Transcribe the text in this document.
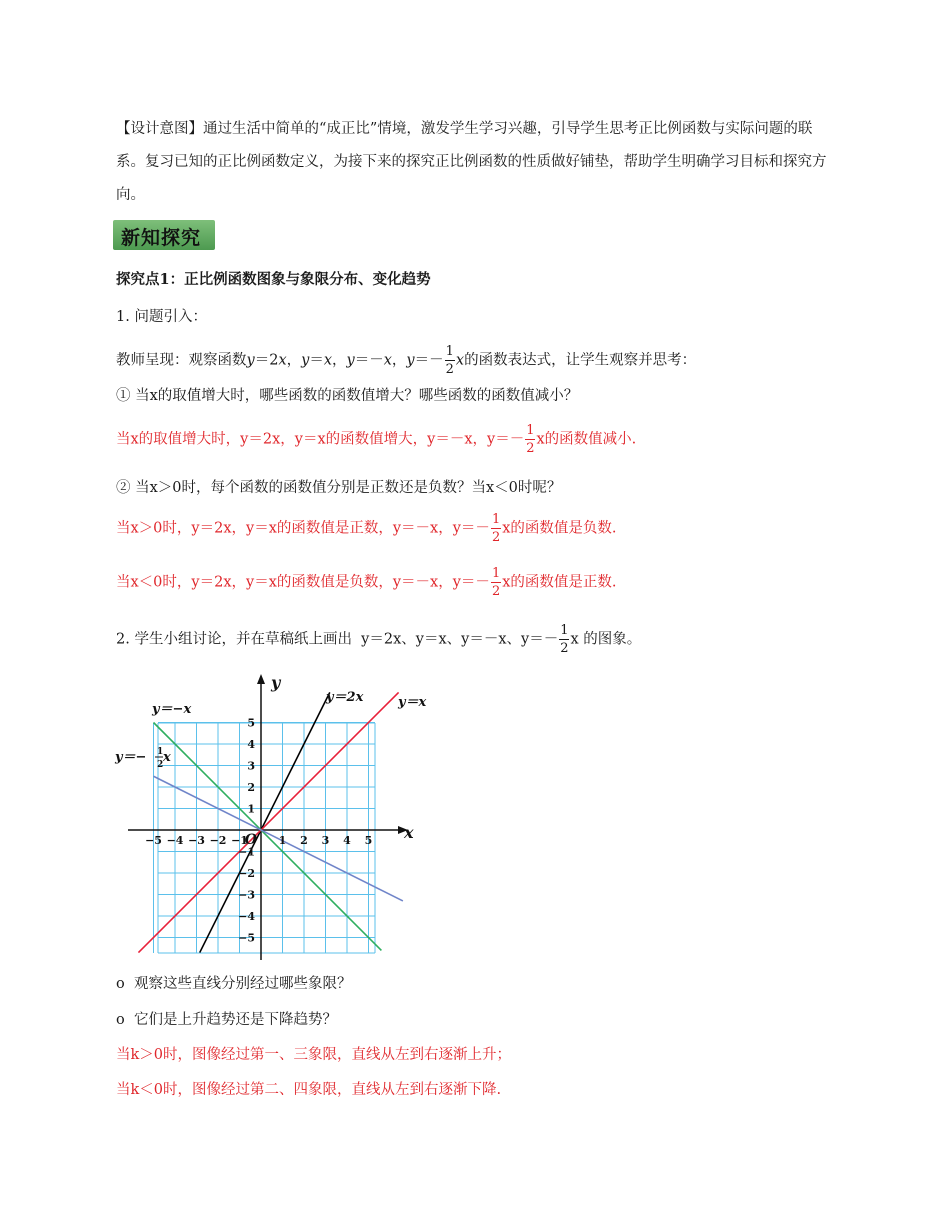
【设计意图】通过生活中简单的“成正比”情境，激发学生学习兴趣，引导学生思考正比例函数与实际问题的联系。复习已知的正比例函数定义，为接下来的探究正比例函数的性质做好铺垫，帮助学生明确学习目标和探究方向。
新知探究
探究点1：正比例函数图象与象限分布、变化趋势
1. 问题引入：
教师呈现：观察函数y＝2x，y＝x，y＝－x，$y=- \frac{1}{2}$ x的函数表达式，让学生观察并思考：
① 当x的取值增大时，哪些函数的函数值增大？哪些函数的函数值减小？
当x的取值增大时，y＝2x，y＝x的函数值增大，y＝－x，$y=- \frac{1}{2}$ x的函数值减小.
② 当x＞0时，每个函数的函数值分别是正数还是负数？当x＜0时呢？
当x＞0时，y＝2x，y＝x的函数值是正数，y＝－x，$y=- \frac{1}{2}$ x的函数值是负数.
当x＜0时，y＝2x，y＝x的函数值是负数，y＝－x，$y=- \frac{1}{2}$ x的函数值是正数.
2. 学生小组讨论，并在草稿纸上画出 y＝2x、y＝x、y＝－x、$y=- \frac{1}{2}$ x 的图象。
−5 −4 −3 −2 −1	1 2 3 4 5
5
4
3
2
1
−1
−2
−3
−4
−5
O	x
y
y＝−x
y＝2x	y＝x
y＝− 1
2 x
o 观察这些直线分别经过哪些象限？
o 它们是上升趋势还是下降趋势？
当k＞0时，图像经过第一、三象限，直线从左到右逐渐上升；
当k＜0时，图像经过第二、四象限，直线从左到右逐渐下降.
